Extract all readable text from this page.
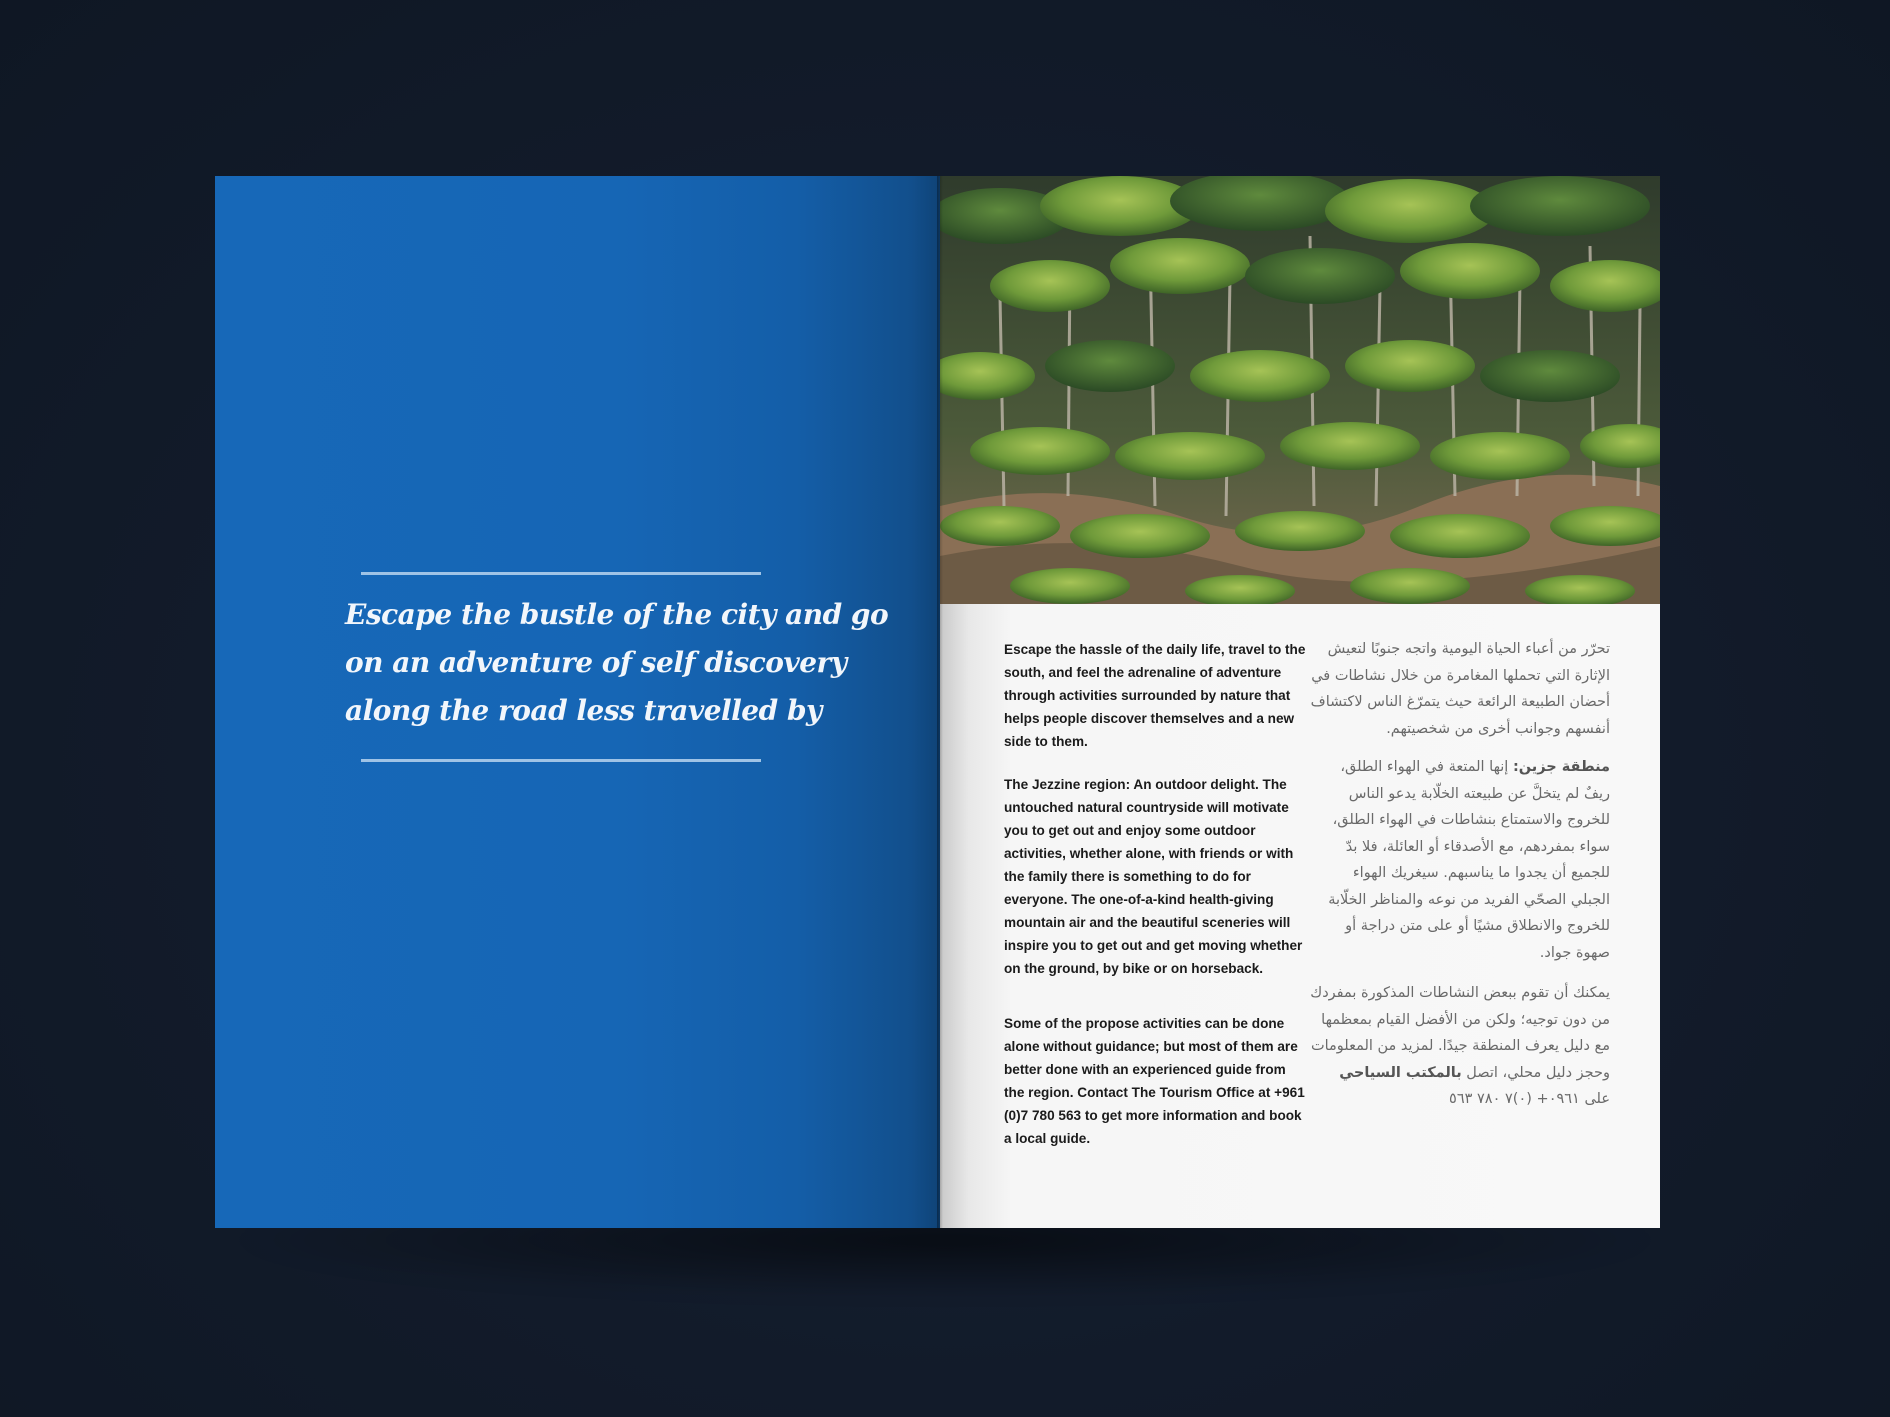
Escape the bustle of the city and go
on an adventure of self discovery
along the road less travelled by

Escape the hassle of the daily life, travel to the south, and feel the adrenaline of adventure through activities surrounded by nature that helps people discover themselves and a new side to them.

The Jezzine region: An outdoor delight. The untouched natural countryside will motivate you to get out and enjoy some outdoor activities, whether alone, with friends or with the family there is something to do for everyone. The one-of-a-kind health-giving mountain air and the beautiful sceneries will inspire you to get out and get moving whether on the ground, by bike or on horseback.

Some of the propose activities can be done alone without guidance; but most of them are better done with an experienced guide from the region. Contact The Tourism Office at +961 (0)7 780 563 to get more information and book a local guide.

تحرّر من أعباء الحياة اليومية واتجه جنوبًا لتعيش الإثارة التي تحملها المغامرة من خلال نشاطات في أحضان الطبيعة الرائعة حيث يتمرّغ الناس لاكتشاف أنفسهم وجوانب أخرى من شخصيتهم.

منطقة جزين: إنها المتعة في الهواء الطلق، ريفٌ لم يتخلَّ عن طبيعته الخلّابة يدعو الناس للخروج والاستمتاع بنشاطات في الهواء الطلق، سواء بمفردهم، مع الأصدقاء أو العائلة، فلا بدّ للجميع أن يجدوا ما يناسبهم. سيغريك الهواء الجبلي الصحّي الفريد من نوعه والمناظر الخلّابة للخروج والانطلاق مشيًا أو على متن دراجة أو صهوة جواد.

يمكنك أن تقوم ببعض النشاطات المذكورة بمفردك من دون توجيه؛ ولكن من الأفضل القيام بمعظمها مع دليل يعرف المنطقة جيدًا. لمزيد من المعلومات وحجز دليل محلي، اتصل بالمكتب السياحي على ٠٩٦١+ (٠)٧ ٧٨٠ ٥٦٣
